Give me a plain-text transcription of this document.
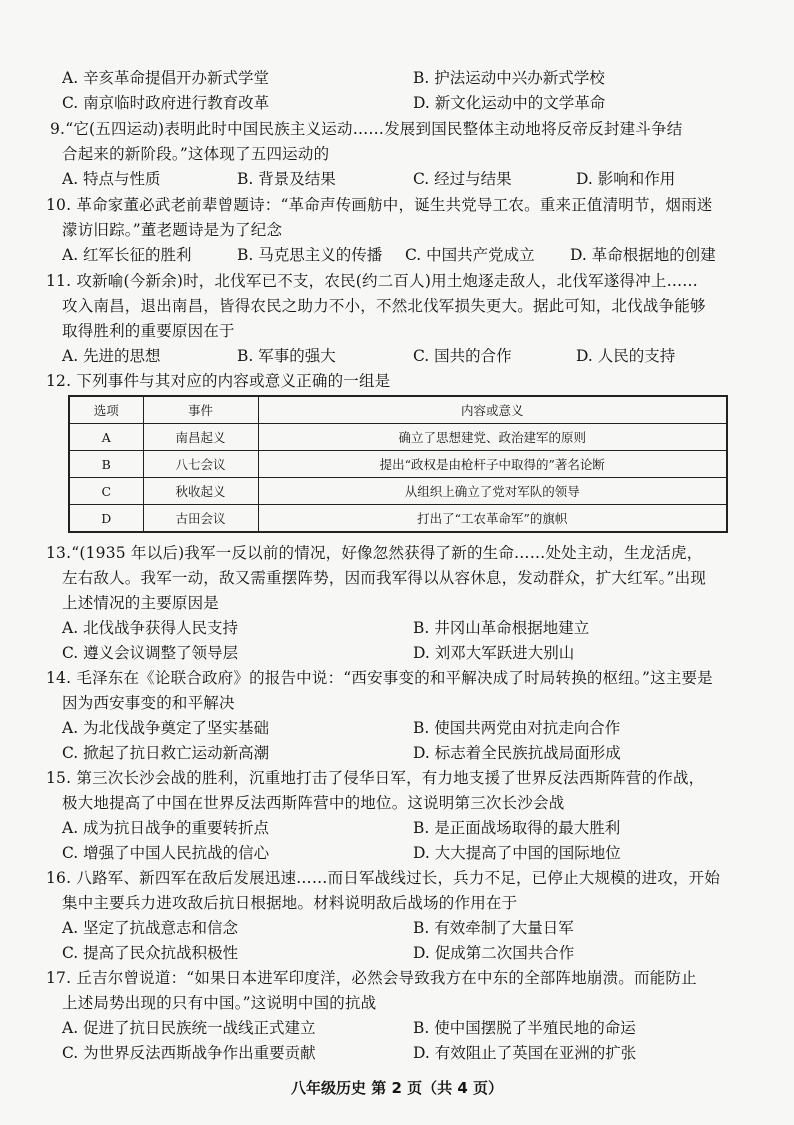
A. 辛亥革命提倡开办新式学堂	B. 护法运动中兴办新式学校
C. 南京临时政府进行教育改革	D. 新文化运动中的文学革命
9.“它(五四运动)表明此时中国民族主义运动……发展到国民整体主动地将反帝反封建斗争结
合起来的新阶段。”这体现了五四运动的
A. 特点与性质	B. 背景及结果	C. 经过与结果	D. 影响和作用
10. 革命家董必武老前辈曾题诗：“革命声传画舫中，诞生共党导工农。重来正值清明节，烟雨迷
濛访旧踪。”董老题诗是为了纪念
A. 红军长征的胜利	B. 马克思主义的传播 C. 中国共产党成立 D. 革命根据地的创建
11. 攻新喻(今新余)时，北伐军已不支，农民(约二百人)用土炮逐走敌人，北伐军遂得冲上……
攻入南昌，退出南昌，皆得农民之助力不小，不然北伐军损失更大。据此可知，北伐战争能够
取得胜利的重要原因在于
A. 先进的思想	B. 军事的强大	C. 国共的合作	D. 人民的支持
12. 下列事件与其对应的内容或意义正确的一组是
选项	事件	内容或意义
A	南昌起义	确立了思想建党、政治建军的原则
B	八七会议	提出“政权是由枪杆子中取得的”著名论断
C	秋收起义	从组织上确立了党对军队的领导
D	古田会议	打出了“工农革命军”的旗帜
13.“(1935 年以后)我军一反以前的情况，好像忽然获得了新的生命……处处主动，生龙活虎，
左右敌人。我军一动，敌又需重摆阵势，因而我军得以从容休息，发动群众，扩大红军。”出现
上述情况的主要原因是
A. 北伐战争获得人民支持	B. 井冈山革命根据地建立
C. 遵义会议调整了领导层	D. 刘邓大军跃进大别山
14. 毛泽东在《论联合政府》的报告中说：“西安事变的和平解决成了时局转换的枢纽。”这主要是
因为西安事变的和平解决
A. 为北伐战争奠定了坚实基础	B. 使国共两党由对抗走向合作
C. 掀起了抗日救亡运动新高潮	D. 标志着全民族抗战局面形成
15. 第三次长沙会战的胜利，沉重地打击了侵华日军，有力地支援了世界反法西斯阵营的作战，
极大地提高了中国在世界反法西斯阵营中的地位。这说明第三次长沙会战
A. 成为抗日战争的重要转折点	B. 是正面战场取得的最大胜利
C. 增强了中国人民抗战的信心	D. 大大提高了中国的国际地位
16. 八路军、新四军在敌后发展迅速……而日军战线过长，兵力不足，已停止大规模的进攻，开始
集中主要兵力进攻敌后抗日根据地。材料说明敌后战场的作用在于
A. 坚定了抗战意志和信念	B. 有效牵制了大量日军
C. 提高了民众抗战积极性	D. 促成第二次国共合作
17. 丘吉尔曾说道：“如果日本进军印度洋，必然会导致我方在中东的全部阵地崩溃。而能防止
上述局势出现的只有中国。”这说明中国的抗战
A. 促进了抗日民族统一战线正式建立	B. 使中国摆脱了半殖民地的命运
C. 为世界反法西斯战争作出重要贡献	D. 有效阻止了英国在亚洲的扩张
八年级历史 第 2 页（共 4 页）
